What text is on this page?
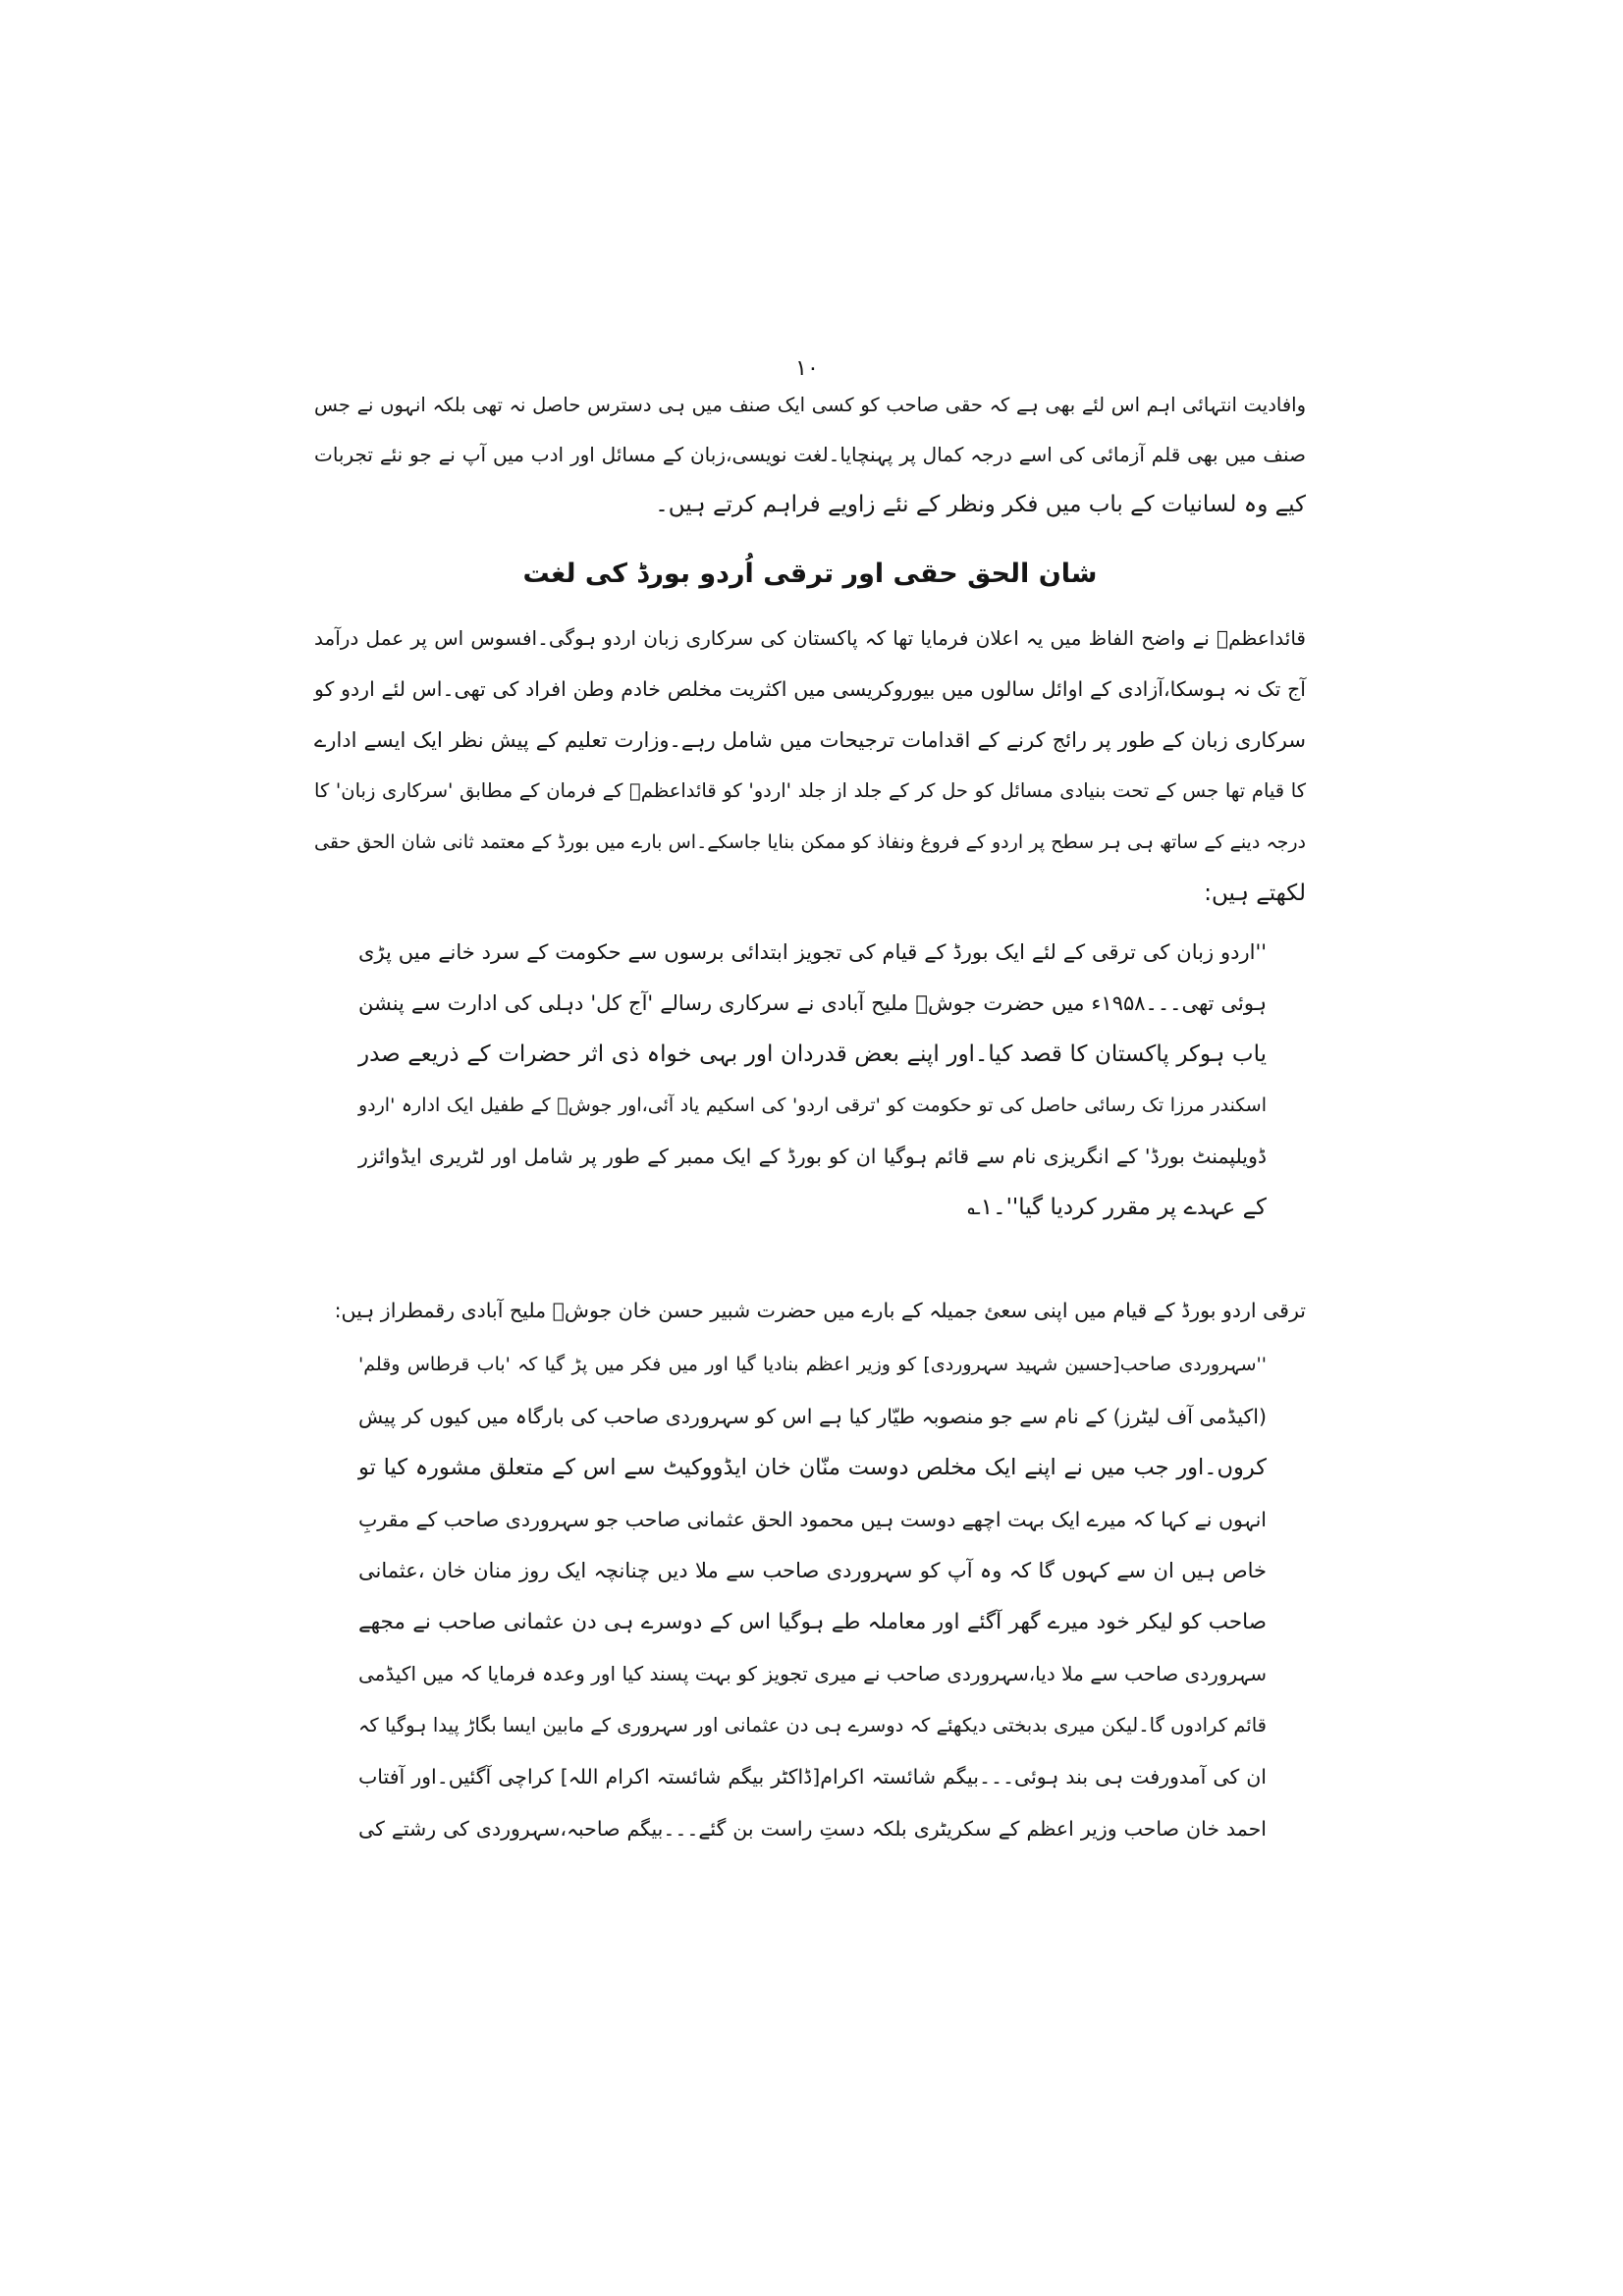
۱۰
وافادیت انتہائی اہم اس لئے بھی ہے کہ حقی صاحب کو کسی ایک صنف میں ہی دسترس حاصل نہ تھی بلکہ انہوں نے جس
صنف میں بھی قلم آزمائی کی اسے درجہ کمال پر پہنچایا۔لغت نویسی،زبان کے مسائل اور ادب میں آپ نے جو نئے تجربات
کیے وہ لسانیات کے باب میں فکر ونظر کے نئے زاویے فراہم کرتے ہیں۔
شان الحق حقی اور ترقی اُردو بورڈ کی لغت
قائداعظمؒ نے واضح الفاظ میں یہ اعلان فرمایا تھا کہ پاکستان کی سرکاری زبان اردو ہوگی۔افسوس اس پر عمل درآمد
آج تک نہ ہوسکا،آزادی کے اوائل سالوں میں بیوروکریسی میں اکثریت مخلص خادم وطن افراد کی تھی۔اس لئے اردو کو
سرکاری زبان کے طور پر رائج کرنے کے اقدامات ترجیحات میں شامل رہے۔وزارت تعلیم کے پیش نظر ایک ایسے ادارے
کا قیام تھا جس کے تحت بنیادی مسائل کو حل کر کے جلد از جلد 'اردو' کو قائداعظمؒ کے فرمان کے مطابق 'سرکاری زبان' کا
درجہ دینے کے ساتھ ہی ہر سطح پر اردو کے فروغ ونفاذ کو ممکن بنایا جاسکے۔اس بارے میں بورڈ کے معتمد ثانی شان الحق حقی
لکھتے ہیں:
''اردو زبان کی ترقی کے لئے ایک بورڈ کے قیام کی تجویز ابتدائی برسوں سے حکومت کے سرد خانے میں پڑی
ہوئی تھی۔۔۔۱۹۵۸ء میں حضرت جوشؔ ملیح آبادی نے سرکاری رسالے 'آج کل' دہلی کی ادارت سے پنشن
یاب ہوکر پاکستان کا قصد کیا۔اور اپنے بعض قدردان اور بہی خواہ ذی اثر حضرات کے ذریعے صدر
اسکندر مرزا تک رسائی حاصل کی تو حکومت کو 'ترقی اردو' کی اسکیم یاد آئی،اور جوشؔ کے طفیل ایک ادارہ 'اردو
ڈویلپمنٹ بورڈ' کے انگریزی نام سے قائم ہوگیا ان کو بورڈ کے ایک ممبر کے طور پر شامل اور لٹریری ایڈوائزر
کے عہدے پر مقرر کردیا گیا''۔۱؎
ترقی اردو بورڈ کے قیام میں اپنی سعئ جمیلہ کے بارے میں حضرت شبیر حسن خان جوشؔ ملیح آبادی رقمطراز ہیں:
''سہروردی صاحب[حسین شہید سہروردی] کو وزیر اعظم بنادیا گیا اور میں فکر میں پڑ گیا کہ 'باب قرطاس وقلم'
(اکیڈمی آف لیٹرز) کے نام سے جو منصوبہ طیّار کیا ہے اس کو سہروردی صاحب کی بارگاہ میں کیوں کر پیش
کروں۔اور جب میں نے اپنے ایک مخلص دوست منّان خان ایڈووکیٹ سے اس کے متعلق مشورہ کیا تو
انہوں نے کہا کہ میرے ایک بہت اچھے دوست ہیں محمود الحق عثمانی صاحب جو سہروردی صاحب کے مقربِ
خاص ہیں ان سے کہوں گا کہ وہ آپ کو سہروردی صاحب سے ملا دیں چنانچہ ایک روز منان خان ،عثمانی
صاحب کو لیکر خود میرے گھر آگئے اور معاملہ طے ہوگیا اس کے دوسرے ہی دن عثمانی صاحب نے مجھے
سہروردی صاحب سے ملا دیا،سہروردی صاحب نے میری تجویز کو بہت پسند کیا اور وعدہ فرمایا کہ میں اکیڈمی
قائم کرادوں گا۔لیکن میری بدبختی دیکھئے کہ دوسرے ہی دن عثمانی اور سہروری کے مابین ایسا بگاڑ پیدا ہوگیا کہ
ان کی آمدورفت ہی بند ہوئی۔۔۔بیگم شائستہ اکرام[ڈاکٹر بیگم شائستہ اکرام اللہ] کراچی آگئیں۔اور آفتاب
احمد خان صاحب وزیر اعظم کے سکریٹری بلکہ دستِ راست بن گئے۔۔۔بیگم صاحبہ،سہروردی کی رشتے کی
